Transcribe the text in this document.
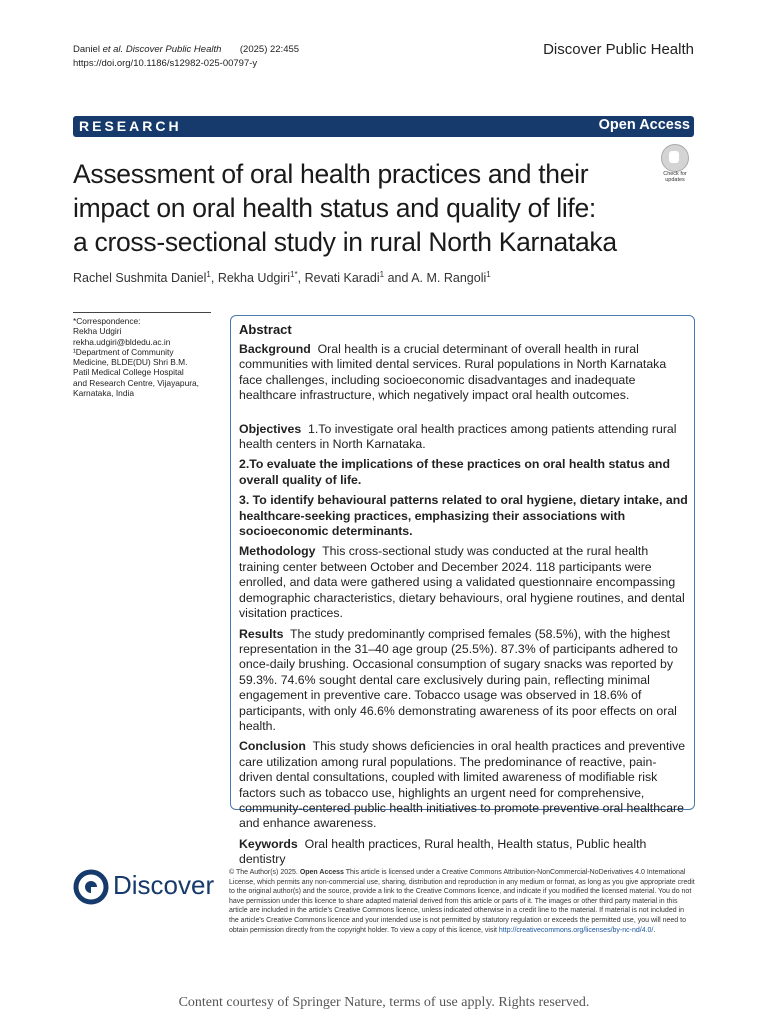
Daniel et al. Discover Public Health (2025) 22:455
https://doi.org/10.1186/s12982-025-00797-y
Discover Public Health
RESEARCH	Open Access
Check for
updates
Assessment of oral health practices and their
impact on oral health status and quality of life:
a cross-sectional study in rural North Karnataka
Rachel Sushmita Daniel$^1$, Rekha Udgiri$^{1*}$, Revati Karadi$^1$ and A. M. Rangoli$^1$
*Correspondence:
Rekha Udgiri
rekha.udgiri@bldedu.ac.in
¹Department of Community
Medicine, BLDE(DU) Shri B.M.
Patil Medical College Hospital
and Research Centre, Vijayapura,
Karnataka, India
Abstract

Background Oral health is a crucial determinant of overall health in rural communities with limited dental services. Rural populations in North Karnataka face challenges, including socioeconomic disadvantages and inadequate healthcare infrastructure, which negatively impact oral health outcomes.

Objectives 1.To investigate oral health practices among patients attending rural health centers in North Karnataka.

2.To evaluate the implications of these practices on oral health status and overall quality of life.

3. To identify behavioural patterns related to oral hygiene, dietary intake, and healthcare-seeking practices, emphasizing their associations with socioeconomic determinants.

Methodology This cross-sectional study was conducted at the rural health training center between October and December 2024. 118 participants were enrolled, and data were gathered using a validated questionnaire encompassing demographic characteristics, dietary behaviours, oral hygiene routines, and dental visitation practices.

Results The study predominantly comprised females (58.5%), with the highest representation in the 31–40 age group (25.5%). 87.3% of participants adhered to once-daily brushing. Occasional consumption of sugary snacks was reported by 59.3%. 74.6% sought dental care exclusively during pain, reflecting minimal engagement in preventive care. Tobacco usage was observed in 18.6% of participants, with only 46.6% demonstrating awareness of its poor effects on oral health.

Conclusion This study shows deficiencies in oral health practices and preventive care utilization among rural populations. The predominance of reactive, pain-driven dental consultations, coupled with limited awareness of modifiable risk factors such as tobacco use, highlights an urgent need for comprehensive, community-centered public health initiatives to promote preventive oral healthcare and enhance awareness.

Keywords Oral health practices, Rural health, Health status, Public health dentistry

Discover © The Author(s) 2025. Open Access This article is licensed under a Creative Commons Attribution-NonCommercial-NoDerivatives 4.0 International License, which permits any non-commercial use, sharing, distribution and reproduction in any medium or format, as long as you give appropriate credit to the original author(s) and the source, provide a link to the Creative Commons licence, and indicate if you modified the licensed material. You do not have permission under this licence to share adapted material derived from this article or parts of it. The images or other third party material in this article are included in the article's Creative Commons licence, unless indicated otherwise in a credit line to the material. If material is not included in the article's Creative Commons licence and your intended use is not permitted by statutory regulation or exceeds the permitted use, you will need to obtain permission directly from the copyright holder. To view a copy of this licence, visit http://creativecommons.org/licenses/by-nc-nd/4.0/.
Content courtesy of Springer Nature, terms of use apply. Rights reserved.
